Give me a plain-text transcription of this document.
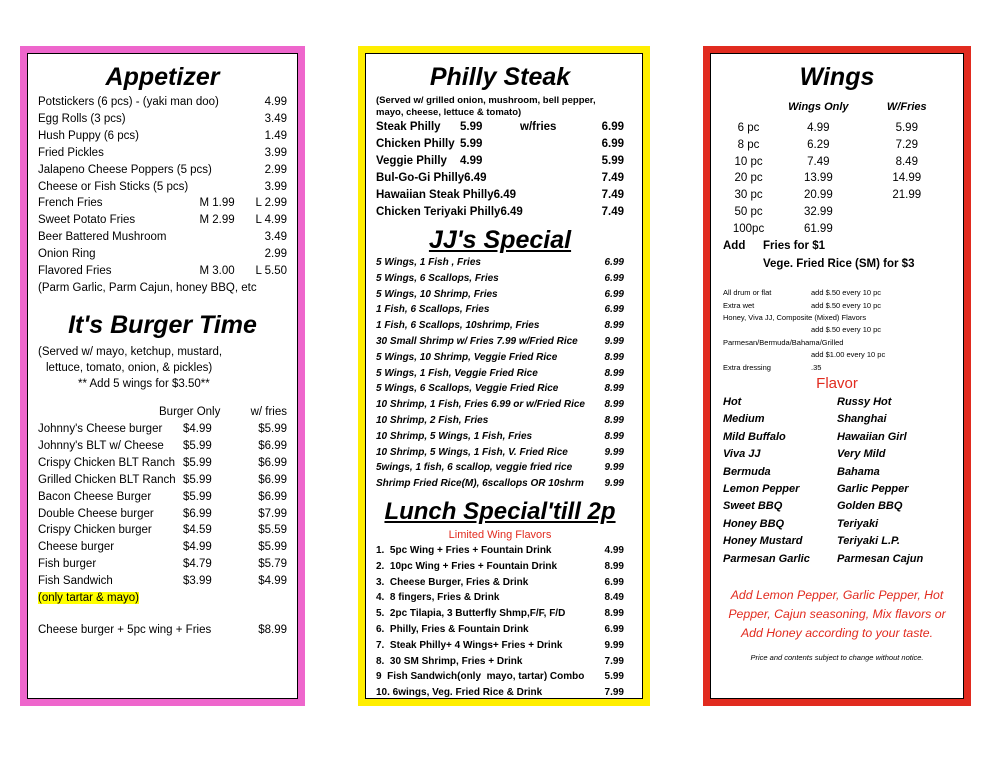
Appetizer
Potstickers (6 pcs) - (yaki man doo)	4.99
Egg Rolls (3 pcs)	3.49
Hush Puppy (6 pcs)	1.49
Fried Pickles	3.99
Jalapeno Cheese Poppers (5 pcs)	2.99
Cheese or Fish Sticks (5 pcs)	3.99
French Fries	M 1.99	L 2.99
Sweet Potato Fries	M 2.99	L 4.99
Beer Battered Mushroom	3.49
Onion Ring	2.99
Flavored Fries	M 3.00	L 5.50
(Parm Garlic, Parm Cajun, honey BBQ, etc
It's Burger Time
(Served w/ mayo, ketchup, mustard,
lettuce, tomato, onion, & pickles)
** Add 5 wings for $3.50**
Burger Only	w/ fries
Johnny's Cheese burger	$4.99	$5.99
Johnny's BLT w/ Cheese	$5.99	$6.99
Crispy Chicken BLT Ranch $5.99	$6.99
Grilled Chicken BLT Ranch $5.99	$6.99
Bacon Cheese Burger	$5.99	$6.99
Double Cheese burger	$6.99	$7.99
Crispy Chicken burger	$4.59	$5.59
Cheese burger	$4.99	$5.99
Fish burger	$4.79	$5.79
Fish Sandwich	$3.99	$4.99
(only tartar & mayo)
Cheese burger + 5pc wing + Fries	$8.99
Philly Steak
(Served w/ grilled onion, mushroom, bell pepper, mayo, cheese, lettuce & tomato)
Steak Philly	5.99	w/fries	6.99
Chicken Philly 5.99	6.99
Veggie Philly	4.99	5.99
Bul-Go-Gi Philly 6.49	7.49
Hawaiian Steak Philly 6.49	7.49
Chicken Teriyaki Philly 6.49	7.49
JJ's Special
5 Wings, 1 Fish , Fries	6.99
5 Wings, 6 Scallops, Fries	6.99
5 Wings, 10 Shrimp, Fries	6.99
1 Fish, 6 Scallops, Fries	6.99
1 Fish, 6 Scallops, 10shrimp, Fries	8.99
30 Small Shrimp w/ Fries 7.99 w/Fried Rice	9.99
5 Wings, 10 Shrimp, Veggie Fried Rice	8.99
5 Wings, 1 Fish, Veggie Fried Rice	8.99
5 Wings, 6 Scallops, Veggie Fried Rice	8.99
10 Shrimp, 1 Fish, Fries 6.99 or w/Fried Rice	8.99
10 Shrimp, 2 Fish, Fries	8.99
10 Shrimp, 5 Wings, 1 Fish, Fries	8.99
10 Shrimp, 5 Wings, 1 Fish, V. Fried Rice	9.99
5wings, 1 fish, 6 scallop, veggie fried rice	9.99
Shrimp Fried Rice(M), 6scallops OR 10shrm	9.99
Lunch Special'till 2p
Limited Wing Flavors
1.  5pc Wing + Fries + Fountain Drink	4.99
2.  10pc Wing + Fries + Fountain Drink	8.99
3.  Cheese Burger, Fries & Drink	6.99
4.  8 fingers, Fries & Drink	8.49
5.  2pc Tilapia, 3 Butterfly Shmp,F/F, F/D	8.99
6.  Philly, Fries & Fountain Drink	6.99
7.  Steak Philly+ 4 Wings+ Fries + Drink	9.99
8.  30 SM Shrimp, Fries + Drink	7.99
9  Fish Sandwich(only  mayo, tartar) Combo	5.99
10. 6wings, Veg. Fried Rice & Drink	7.99
Wings
Wings Only	W/Fries
6 pc	4.99	5.99
8 pc	6.29	7.29
10 pc	7.49	8.49
20 pc	13.99	14.99
30 pc	20.99	21.99
50 pc	32.99
100pc	61.99
Add	Fries for $1
Vege. Fried Rice (SM) for $3
All drum or flat	add $.50 every 10 pc
Extra wet	add $.50 every 10 pc
Honey, Viva JJ, Composite (Mixed) Flavors
add $.50 every 10 pc
Parmesan/Bermuda/Bahama/Grilled
add $1.00 every 10 pc
Extra dressing	.35
Flavor
Hot	Russy Hot
Medium	Shanghai
Mild Buffalo	Hawaiian Girl
Viva JJ	Very Mild
Bermuda	Bahama
Lemon Pepper	Garlic Pepper
Sweet BBQ	Golden BBQ
Honey BBQ	Teriyaki
Honey Mustard	Teriyaki L.P.
Parmesan Garlic	Parmesan Cajun
Add Lemon Pepper, Garlic Pepper, Hot Pepper, Cajun seasoning, Mix flavors or Add Honey according to your taste.
Price and contents subject to change without notice.
